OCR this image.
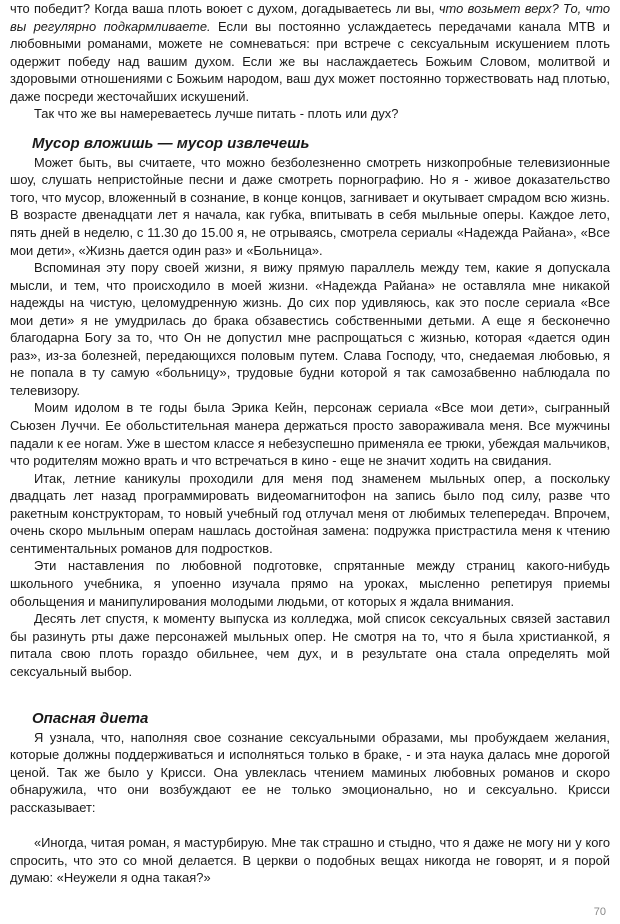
что победит? Когда ваша плоть воюет с духом, догадываетесь ли вы, что возьмет верх? То, что вы регулярно подкармливаете. Если вы постоянно услаждаетесь передачами канала MTB и любовными романами, можете не сомневаться: при встрече с сексуальным искушением плоть одержит победу над вашим духом. Если же вы наслаждаетесь Божьим Словом, молитвой и здоровыми отношениями с Божьим народом, ваш дух может постоянно торжествовать над плотью, даже посреди жесточайших искушений.

Так что же вы намереваетесь лучше питать - плоть или дух?

Мусор вложишь — мусор извлечешь

Может быть, вы считаете, что можно безболезненно смотреть низкопробные телевизионные шоу, слушать непристойные песни и даже смотреть порнографию. Но я - живое доказательство того, что мусор, вложенный в сознание, в конце концов, загнивает и окутывает смрадом всю жизнь. В возрасте двенадцати лет я начала, как губка, впитывать в себя мыльные оперы. Каждое лето, пять дней в неделю, с 11.30 до 15.00 я, не отрываясь, смотрела сериалы «Надежда Райана», «Все мои дети», «Жизнь дается один раз» и «Больница».

Вспоминая эту пору своей жизни, я вижу прямую параллель между тем, какие я допускала мысли, и тем, что происходило в моей жизни. «Надежда Райана» не оставляла мне никакой надежды на чистую, целомудренную жизнь. До сих пор удивляюсь, как это после сериала «Все мои дети» я не умудрилась до брака обзавестись собственными детьми. А еще я бесконечно благодарна Богу за то, что Он не допустил мне распрощаться с жизнью, которая «дается один раз», из-за болезней, передающихся половым путем. Слава Господу, что, снедаемая любовью, я не попала в ту самую «больницу», трудовые будни которой я так самозабвенно наблюдала по телевизору.

Моим идолом в те годы была Эрика Кейн, персонаж сериала «Все мои дети», сыгранный Сьюзен Луччи. Ее обольстительная манера держаться просто завораживала меня. Все мужчины падали к ее ногам. Уже в шестом классе я небезуспешно применяла ее трюки, убеждая мальчиков, что родителям можно врать и что встречаться в кино - еще не значит ходить на свидания.

Итак, летние каникулы проходили для меня под знаменем мыльных опер, а поскольку двадцать лет назад программировать видеомагнитофон на запись было под силу, разве что ракетным конструкторам, то новый учебный год отлучал меня от любимых телепередач. Впрочем, очень скоро мыльным операм нашлась достойная замена: подружка пристрастила меня к чтению сентиментальных романов для подростков.

Эти наставления по любовной подготовке, спрятанные между страниц какого-нибудь школьного учебника, я упоенно изучала прямо на уроках, мысленно репетируя приемы обольщения и манипулирования молодыми людьми, от которых я ждала внимания.

Десять лет спустя, к моменту выпуска из колледжа, мой список сексуальных связей заставил бы разинуть рты даже персонажей мыльных опер. Не смотря на то, что я была христианкой, я питала свою плоть гораздо обильнее, чем дух, и в результате она стала определять мой сексуальный выбор.

Опасная диета

Я узнала, что, наполняя свое сознание сексуальными образами, мы пробуждаем желания, которые должны поддерживаться и исполняться только в браке, - и эта наука далась мне дорогой ценой. Так же было у Крисси. Она увлеклась чтением маминых любовных романов и скоро обнаружила, что они возбуждают ее не только эмоционально, но и сексуально. Крисси рассказывает:

«Иногда, читая роман, я мастурбирую. Мне так страшно и стыдно, что я даже не могу ни у кого спросить, что это со мной делается. В церкви о подобных вещах никогда не говорят, и я порой думаю: «Неужели я одна такая?»

70
